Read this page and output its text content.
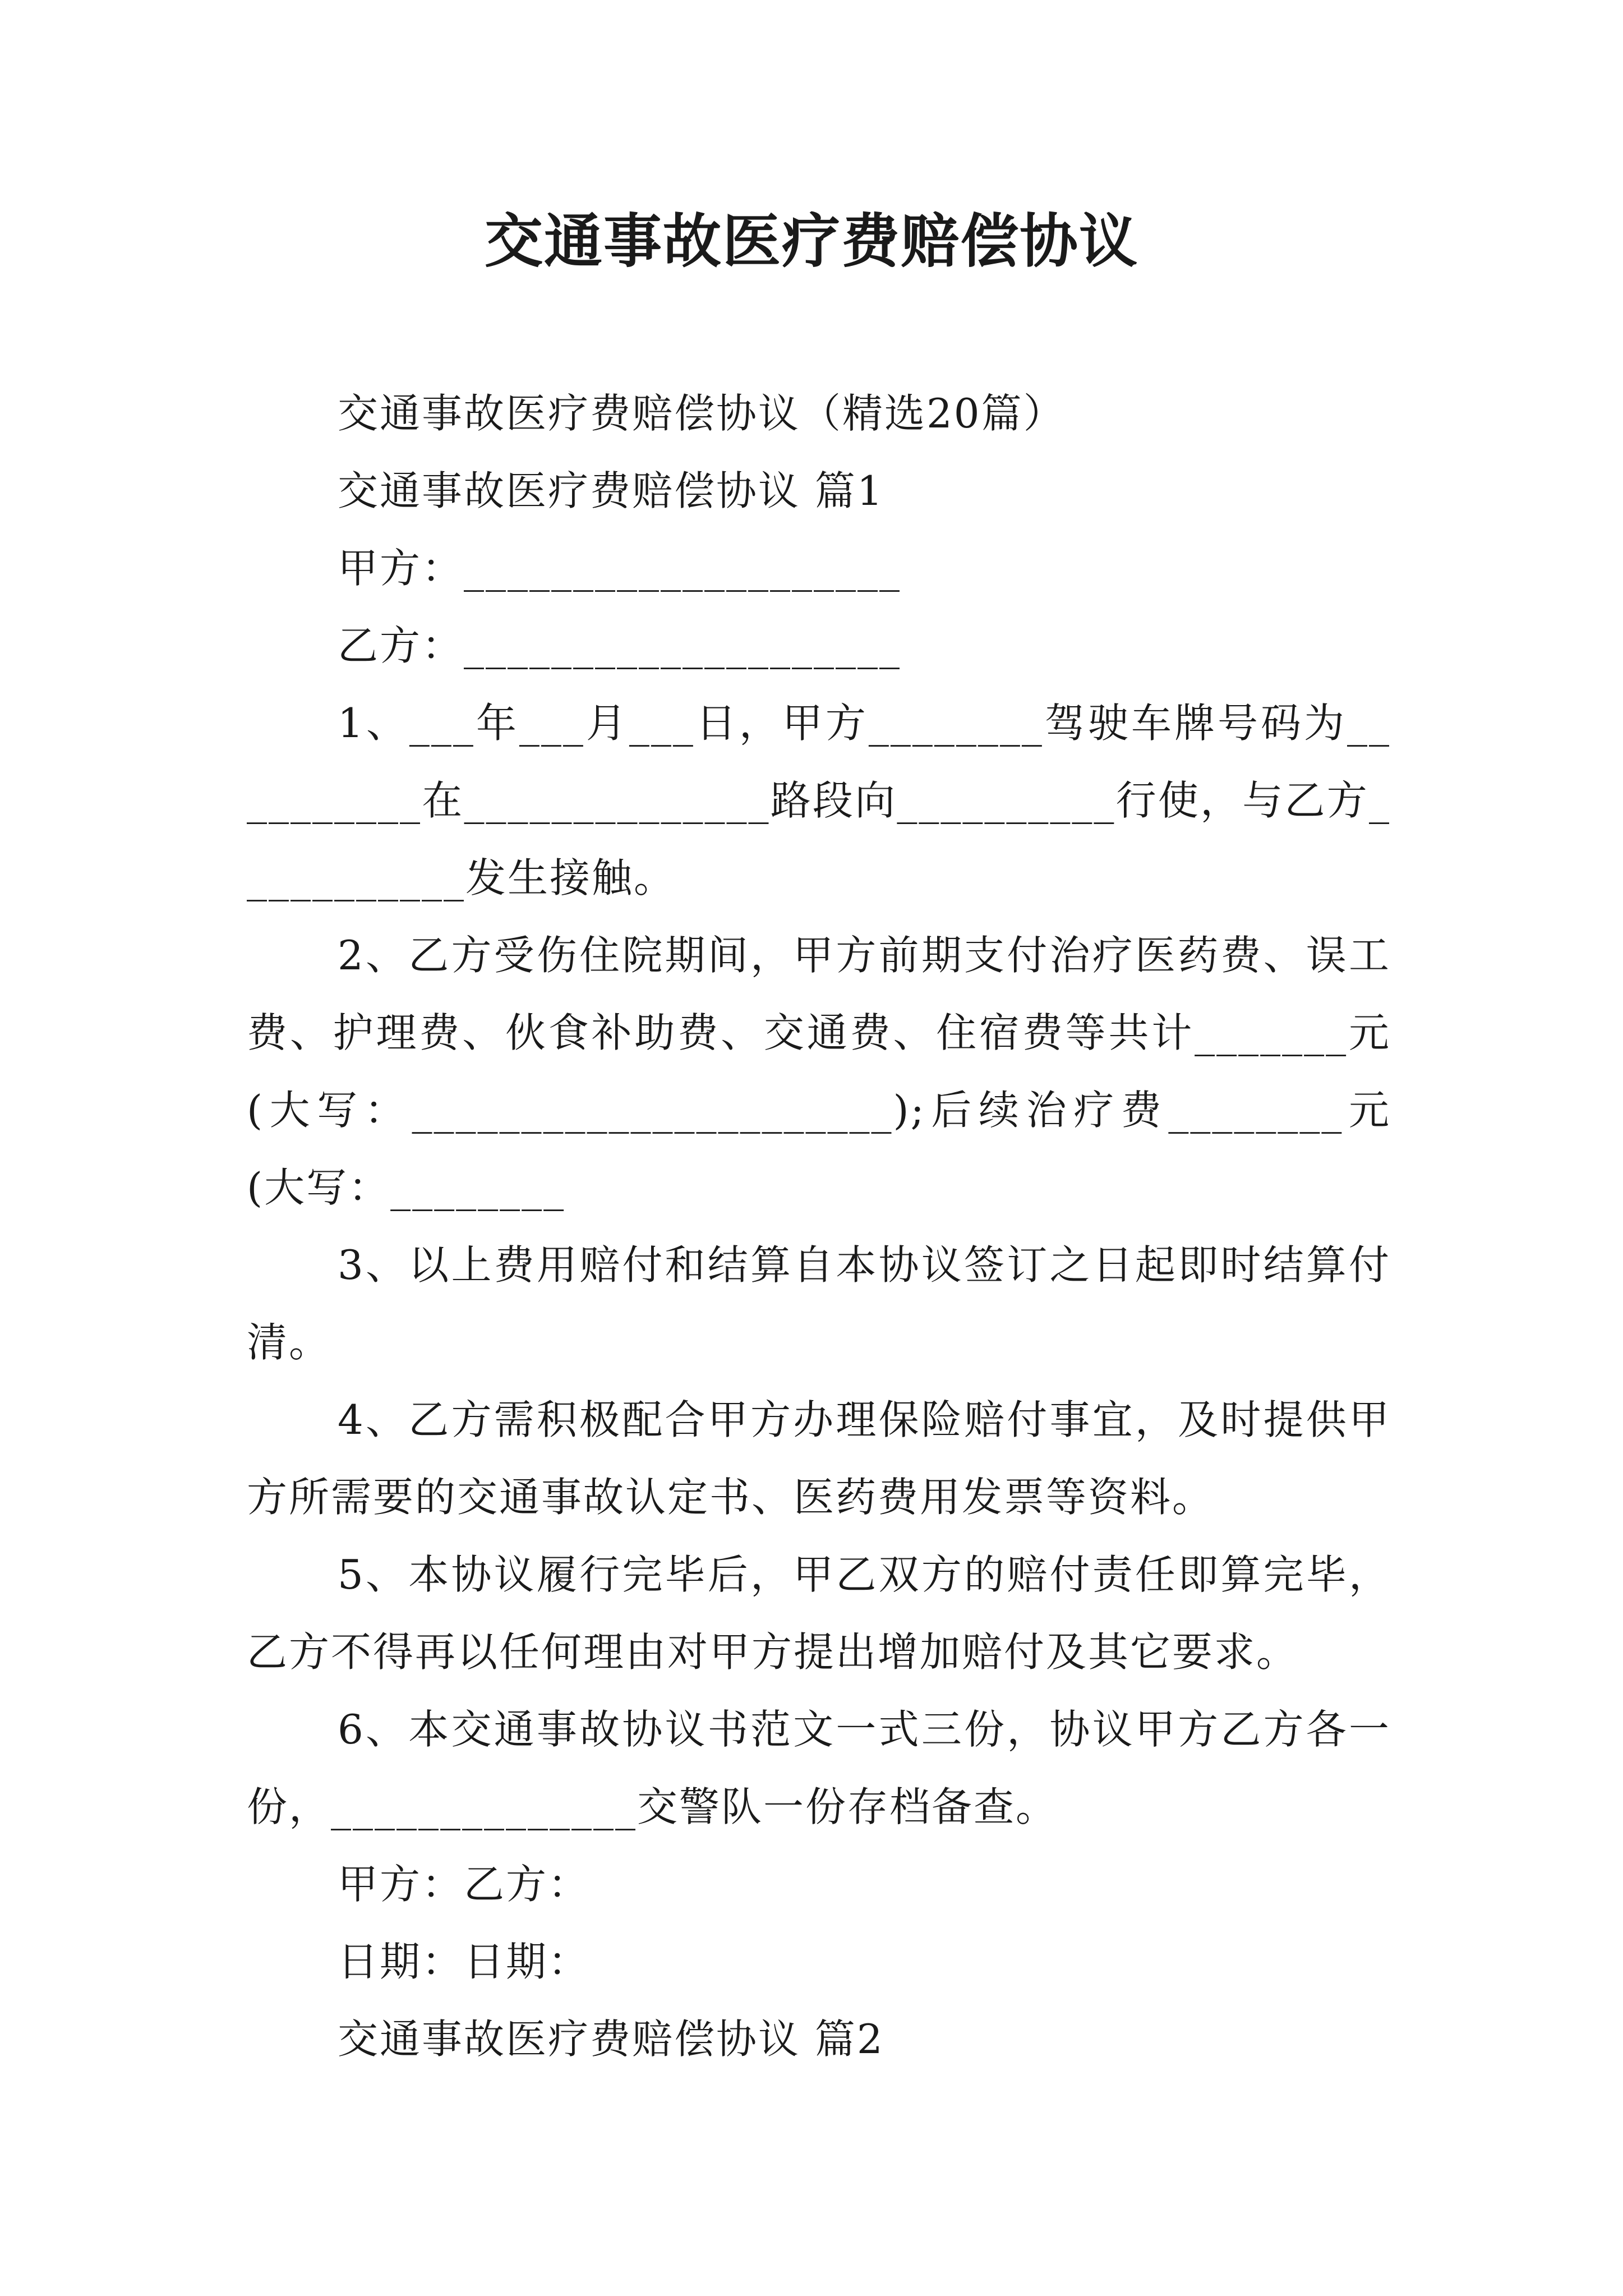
交通事故医疗费赔偿协议

交通事故医疗费赔偿协议（精选20篇）

交通事故医疗费赔偿协议 篇1

甲方：____________________

乙方：____________________

1、___年___月___日，甲方________驾驶车牌号码为__________在______________路段向__________行使，与乙方___________发生接触。

2、乙方受伤住院期间，甲方前期支付治疗医药费、误工费、护理费、伙食补助费、交通费、住宿费等共计_______元(大写：______________________);后续治疗费________元(大写：________

3、以上费用赔付和结算自本协议签订之日起即时结算付清。

4、乙方需积极配合甲方办理保险赔付事宜，及时提供甲方所需要的交通事故认定书、医药费用发票等资料。

5、本协议履行完毕后，甲乙双方的赔付责任即算完毕，乙方不得再以任何理由对甲方提出增加赔付及其它要求。

6、本交通事故协议书范文一式三份，协议甲方乙方各一份，______________交警队一份存档备查。

甲方：乙方：

日期：日期：

交通事故医疗费赔偿协议 篇2
